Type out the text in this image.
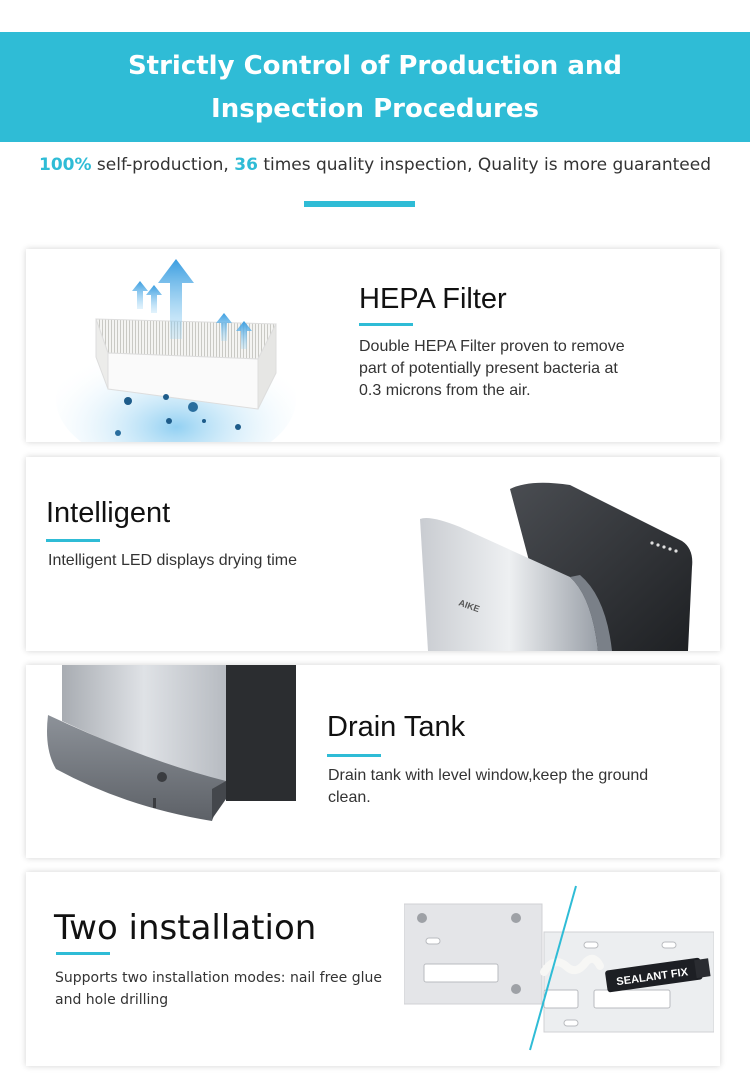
Strictly Control of Production and
Inspection Procedures
100% self-production, 36 times quality inspection, Quality is more guaranteed
HEPA Filter
Double HEPA Filter proven to remove
part of potentially present bacteria at
0.3 microns from the air.
Intelligent
Intelligent LED displays drying time
AIKE
Drain Tank
Drain tank with level window,keep the ground
clean.
Two installation
Supports two installation modes: nail free glue
and hole drilling
SEALANT FIX
